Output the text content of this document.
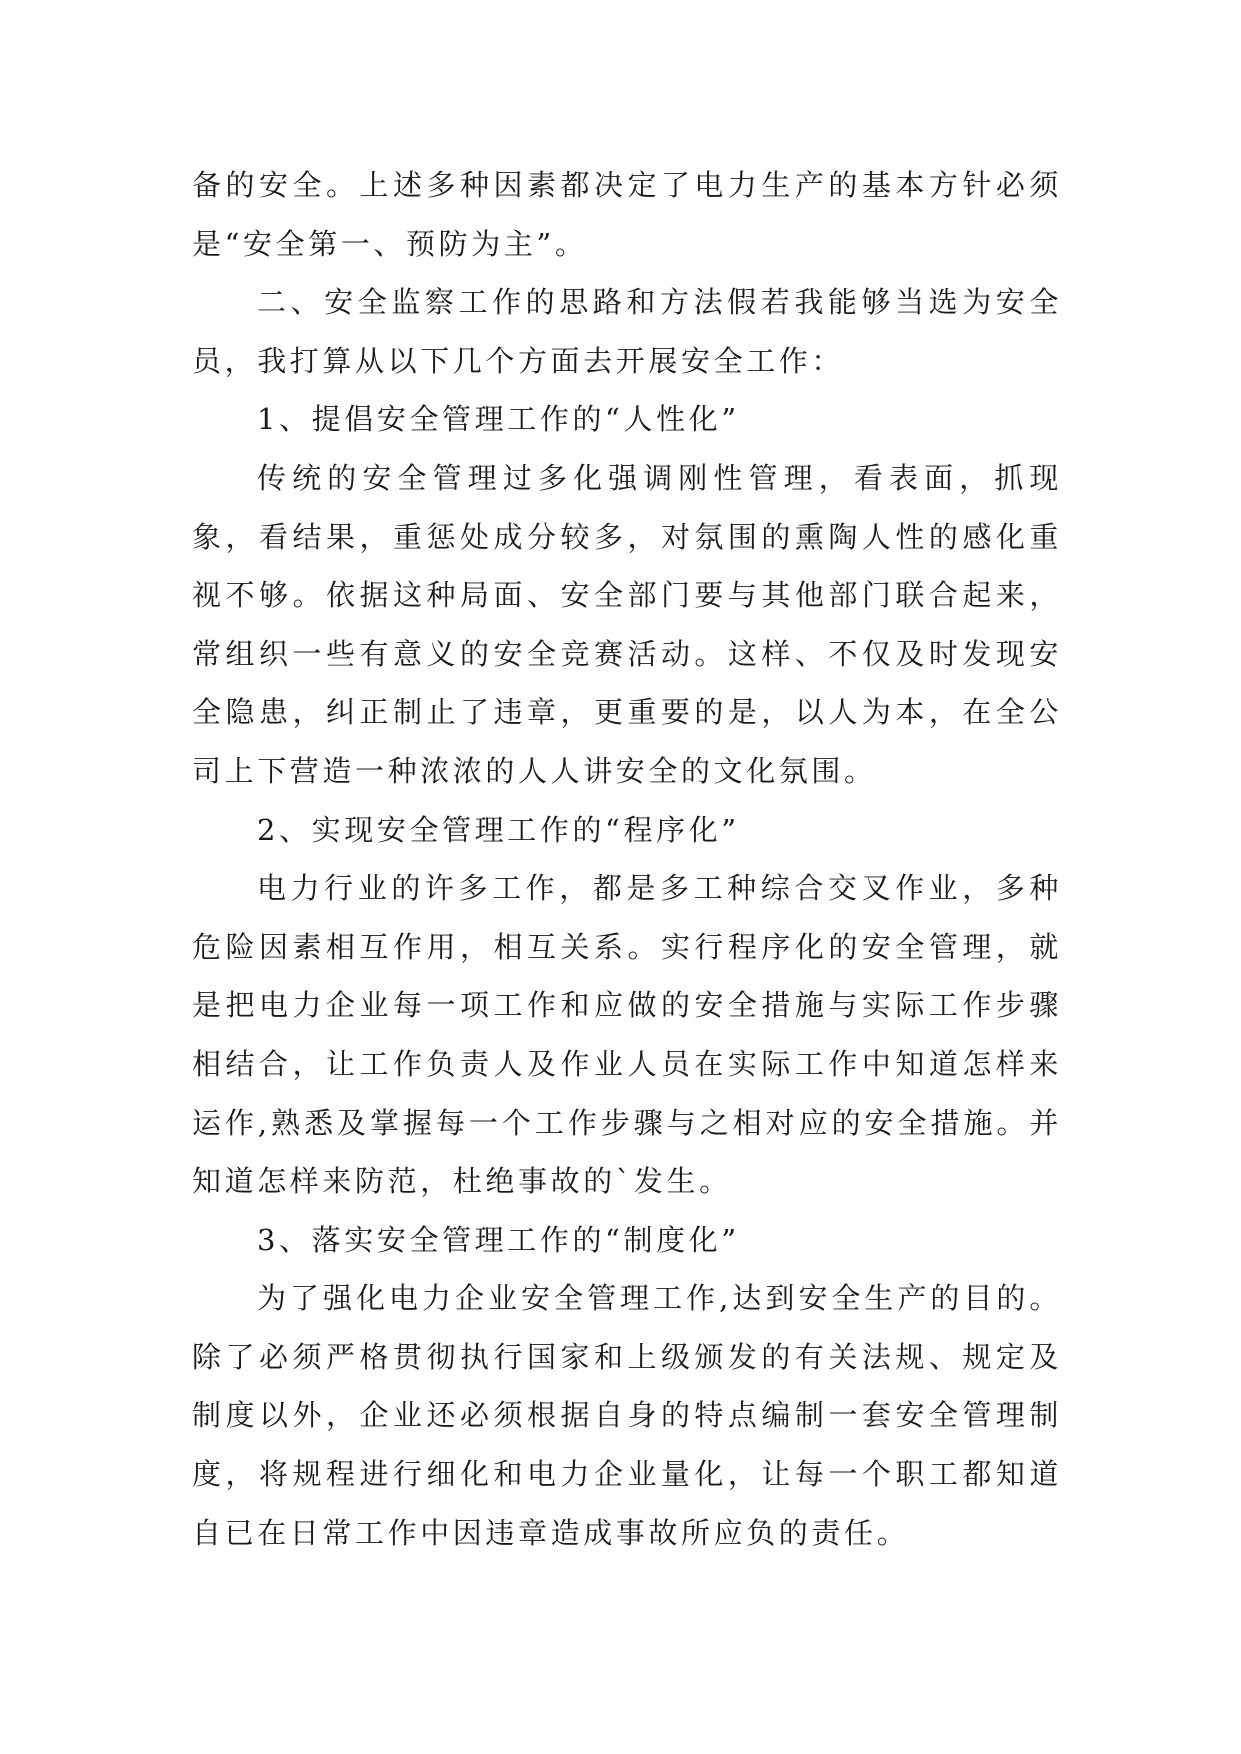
备的安全。上述多种因素都决定了电力生产的基本方针必须是“安全第一、预防为主”。

二、安全监察工作的思路和方法假若我能够当选为安全员，我打算从以下几个方面去开展安全工作：

1、提倡安全管理工作的“人性化”

传统的安全管理过多化强调刚性管理，看表面，抓现象，看结果，重惩处成分较多，对氛围的熏陶人性的感化重视不够。依据这种局面、安全部门要与其他部门联合起来，常组织一些有意义的安全竞赛活动。这样、不仅及时发现安全隐患，纠正制止了违章，更重要的是，以人为本，在全公司上下营造一种浓浓的人人讲安全的文化氛围。

2、实现安全管理工作的“程序化”

电力行业的许多工作，都是多工种综合交叉作业，多种危险因素相互作用，相互关系。实行程序化的安全管理，就是把电力企业每一项工作和应做的安全措施与实际工作步骤相结合，让工作负责人及作业人员在实际工作中知道怎样来运作,熟悉及掌握每一个工作步骤与之相对应的安全措施。并知道怎样来防范，杜绝事故的`发生。

3、落实安全管理工作的“制度化”

为了强化电力企业安全管理工作,达到安全生产的目的。除了必须严格贯彻执行国家和上级颁发的有关法规、规定及制度以外，企业还必须根据自身的特点编制一套安全管理制度，将规程进行细化和电力企业量化，让每一个职工都知道自已在日常工作中因违章造成事故所应负的责任。
